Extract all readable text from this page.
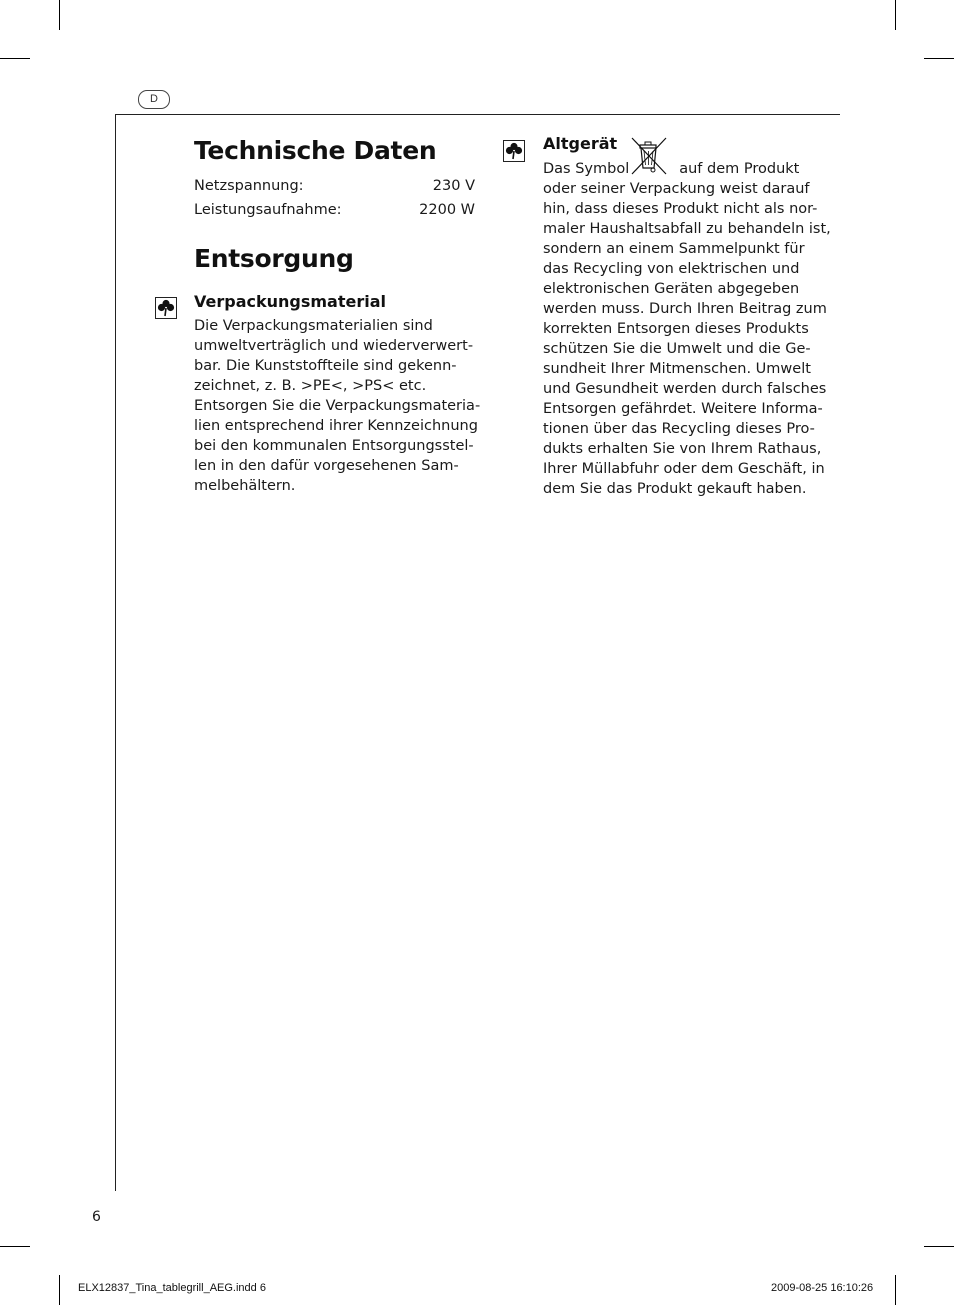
D
Technische Daten
Netzspannung:	230 V
Leistungsaufnahme:	2200 W
Entsorgung
Verpackungsmaterial
Die Verpackungsmaterialien sind
umweltverträglich und wiederverwert-
bar. Die Kunststoffteile sind gekenn-
zeichnet, z. B. >PE<, >PS< etc.
Entsorgen Sie die Verpackungsmateria-
lien entsprechend ihrer Kennzeichnung
bei den kommunalen Entsorgungsstel-
len in den dafür vorgesehenen Sam-
melbehältern.
Altgerät
Das Symbol	auf dem Produkt
oder seiner Verpackung weist darauf
hin, dass dieses Produkt nicht als nor-
maler Haushaltsabfall zu behandeln ist,
sondern an einem Sammelpunkt für
das Recycling von elektrischen und
elektronischen Geräten abgegeben
werden muss. Durch Ihren Beitrag zum
korrekten Entsorgen dieses Produkts
schützen Sie die Umwelt und die Ge-
sundheit Ihrer Mitmenschen. Umwelt
und Gesundheit werden durch falsches
Entsorgen gefährdet. Weitere Informa-
tionen über das Recycling dieses Pro-
dukts erhalten Sie von Ihrem Rathaus,
Ihrer Müllabfuhr oder dem Geschäft, in
dem Sie das Produkt gekauft haben.
6
ELX12837_Tina_tablegrill_AEG.indd 6	2009-08-25 16:10:26
